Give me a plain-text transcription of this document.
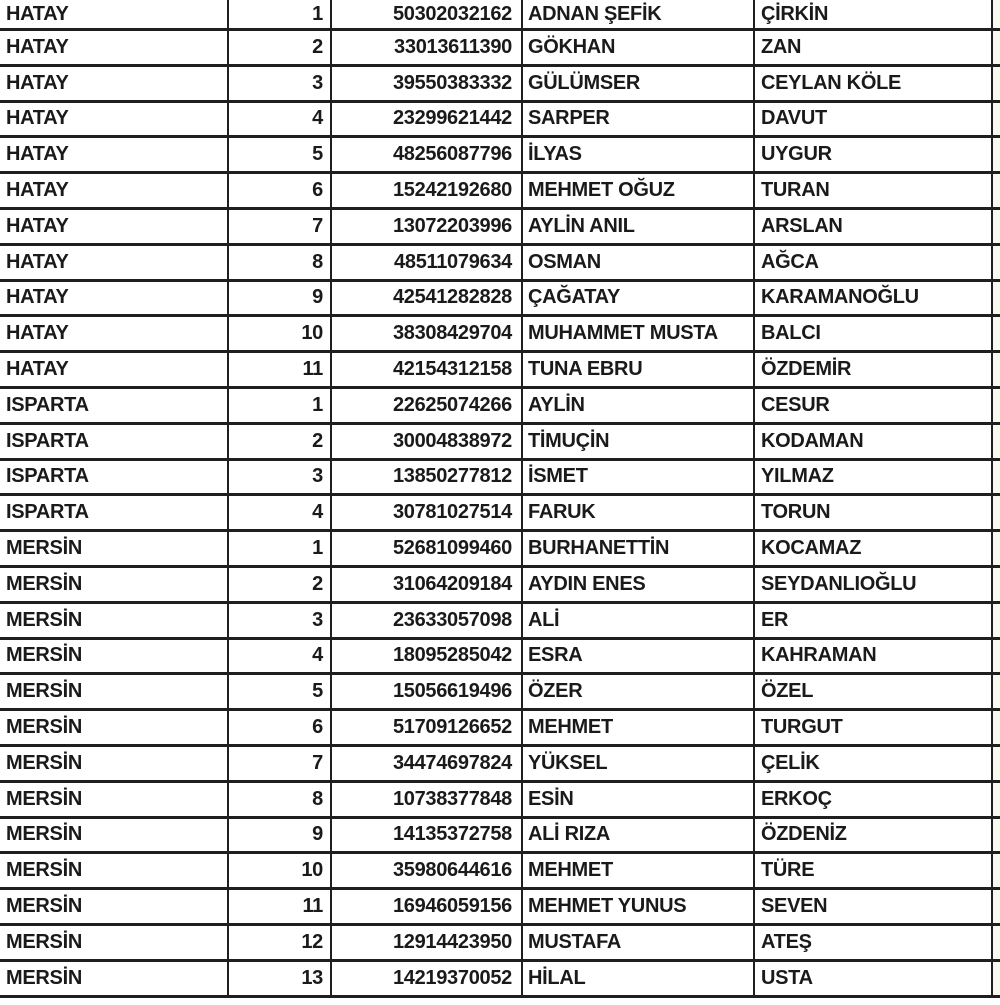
HATAY	1	50302032162 ADNAN ŞEFİK	ÇİRKİN
HATAY	2	33013611390 GÖKHAN	ZAN
HATAY	3	39550383332 GÜLÜMSER	CEYLAN KÖLE
HATAY	4	23299621442 SARPER	DAVUT
HATAY	5	48256087796 İLYAS	UYGUR
HATAY	6	15242192680 MEHMET OĞUZ	TURAN
HATAY	7	13072203996 AYLİN ANIL	ARSLAN
HATAY	8	48511079634 OSMAN	AĞCA
HATAY	9	42541282828 ÇAĞATAY	KARAMANOĞLU
HATAY	10	38308429704 MUHAMMET MUSTA	BALCI
HATAY	11	42154312158 TUNA EBRU	ÖZDEMİR
ISPARTA	1	22625074266 AYLİN	CESUR
ISPARTA	2	30004838972 TİMUÇİN	KODAMAN
ISPARTA	3	13850277812 İSMET	YILMAZ
ISPARTA	4	30781027514 FARUK	TORUN
MERSİN	1	52681099460 BURHANETTİN	KOCAMAZ
MERSİN	2	31064209184 AYDIN ENES	SEYDANLIOĞLU
MERSİN	3	23633057098 ALİ	ER
MERSİN	4	18095285042 ESRA	KAHRAMAN
MERSİN	5	15056619496 ÖZER	ÖZEL
MERSİN	6	51709126652 MEHMET	TURGUT
MERSİN	7	34474697824 YÜKSEL	ÇELİK
MERSİN	8	10738377848 ESİN	ERKOÇ
MERSİN	9	14135372758 ALİ RIZA	ÖZDENİZ
MERSİN	10	35980644616 MEHMET	TÜRE
MERSİN	11	16946059156 MEHMET YUNUS	SEVEN
MERSİN	12	12914423950 MUSTAFA	ATEŞ
MERSİN	13	14219370052 HİLAL	USTA
